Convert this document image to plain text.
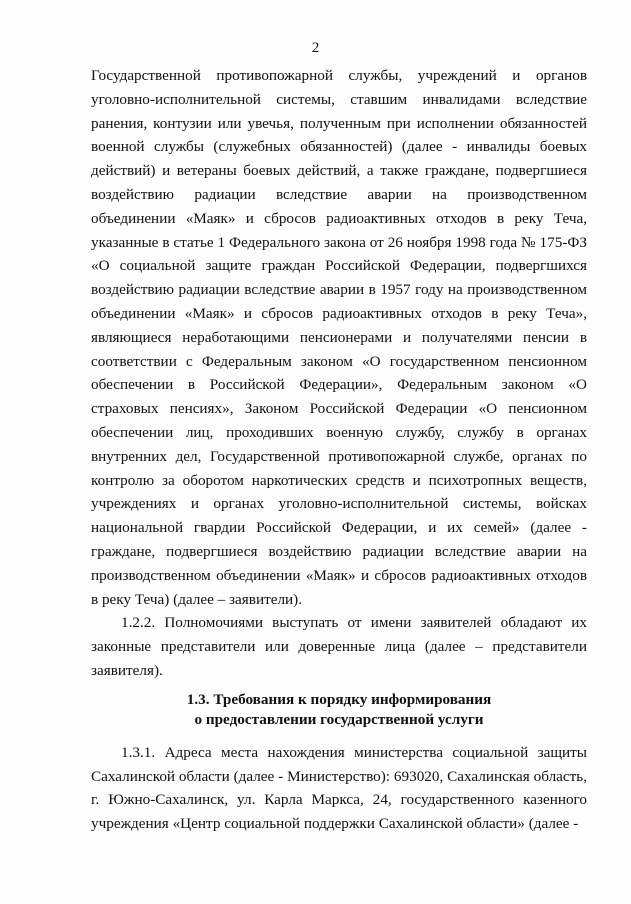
2

Государственной противопожарной службы, учреждений и органов уголовно-исполнительной системы, ставшим инвалидами вследствие ранения, контузии или увечья, полученным при исполнении обязанностей военной службы (служебных обязанностей) (далее - инвалиды боевых действий) и ветераны боевых действий, а также граждане, подвергшиеся воздействию радиации вследствие аварии на производственном объединении «Маяк» и сбросов радиоактивных отходов в реку Теча, указанные в статье 1 Федерального закона от 26 ноября 1998 года № 175-ФЗ «О социальной защите граждан Российской Федерации, подвергшихся воздействию радиации вследствие аварии в 1957 году на производственном объединении «Маяк» и сбросов радиоактивных отходов в реку Теча», являющиеся неработающими пенсионерами и получателями пенсии в соответствии с Федеральным законом «О государственном пенсионном обеспечении в Российской Федерации», Федеральным законом «О страховых пенсиях», Законом Российской Федерации «О пенсионном обеспечении лиц, проходивших военную службу, службу в органах внутренних дел, Государственной противопожарной службе, органах по контролю за оборотом наркотических средств и психотропных веществ, учреждениях и органах уголовно-исполнительной системы, войсках национальной гвардии Российской Федерации, и их семей» (далее - граждане, подвергшиеся воздействию радиации вследствие аварии на производственном объединении «Маяк» и сбросов радиоактивных отходов в реку Теча) (далее – заявители).

1.2.2. Полномочиями выступать от имени заявителей обладают их законные представители или доверенные лица (далее – представители заявителя).

1.3. Требования к порядку информирования
о предоставлении государственной услуги

1.3.1. Адреса места нахождения министерства социальной защиты Сахалинской области (далее - Министерство): 693020, Сахалинская область, г. Южно-Сахалинск, ул. Карла Маркса, 24, государственного казенного учреждения «Центр социальной поддержки Сахалинской области» (далее -
